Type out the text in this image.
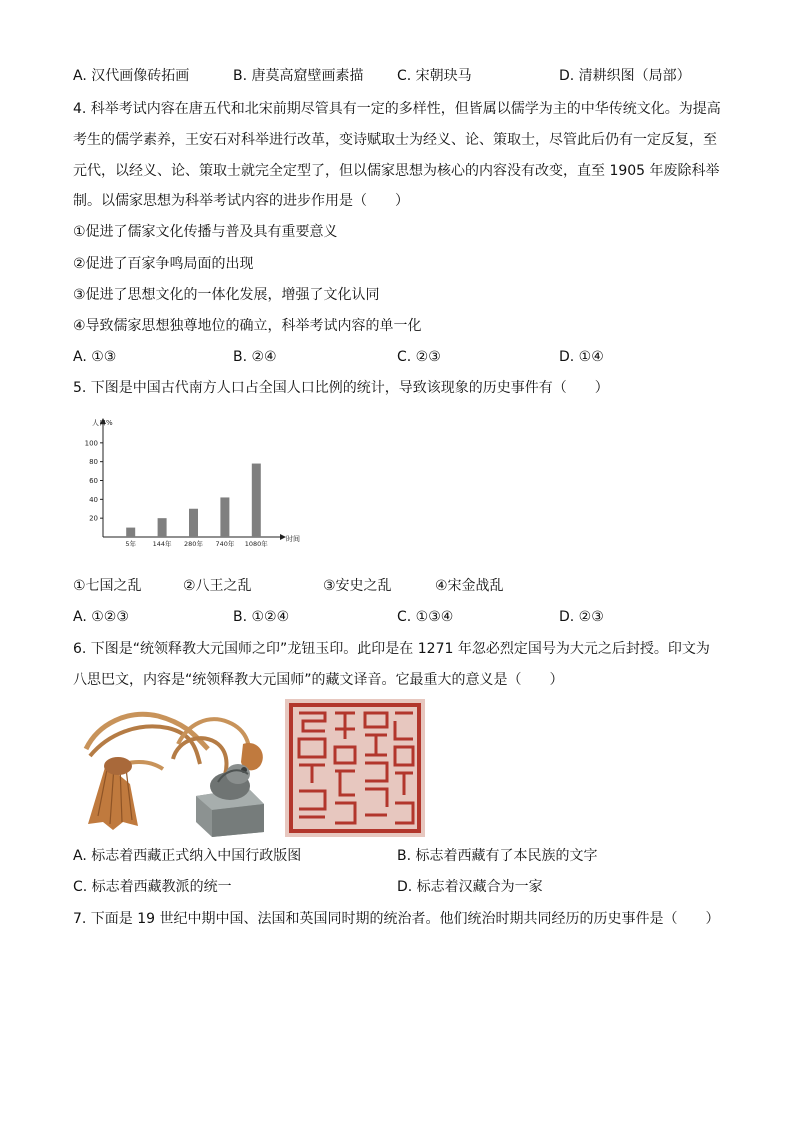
A. 汉代画像砖拓画	B. 唐莫高窟壁画素描 C. 宋朝玦马	D. 清耕织图（局部）
4. 科举考试内容在唐五代和北宋前期尽管具有一定的多样性，但皆属以儒学为主的中华传统文化。为提高
考生的儒学素养，王安石对科举进行改革，变诗赋取士为经义、论、策取士，尽管此后仍有一定反复，至
元代，以经义、论、策取士就完全定型了，但以儒家思想为核心的内容没有改变，直至 1905 年废除科举
制。以儒家思想为科举考试内容的进步作用是（　　）
①促进了儒家文化传播与普及具有重要意义
②促进了百家争鸣局面的出现
③促进了思想文化的一体化发展，增强了文化认同
④导致儒家思想独尊地位的确立，科举考试内容的单一化
A. ①③	B. ②④	C. ②③	D. ①④
5. 下图是中国古代南方人口占全国人口比例的统计，导致该现象的历史事件有（　　）
20
40
60
80
100
5年	144年 280年 740年 1080年
人口%
时间
①七国之乱	②八王之乱	③安史之乱	④宋金战乱
A. ①②③	B. ①②④	C. ①③④	D. ②③
6. 下图是“统领释教大元国师之印”龙钮玉印。此印是在 1271 年忽必烈定国号为大元之后封授。印文为
八思巴文，内容是“统领释教大元国师”的藏文译音。它最重大的意义是（　　）
A. 标志着西藏正式纳入中国行政版图	B. 标志着西藏有了本民族的文字
C. 标志着西藏教派的统一	D. 标志着汉藏合为一家
7. 下面是 19 世纪中期中国、法国和英国同时期的统治者。他们统治时期共同经历的历史事件是（　　）
